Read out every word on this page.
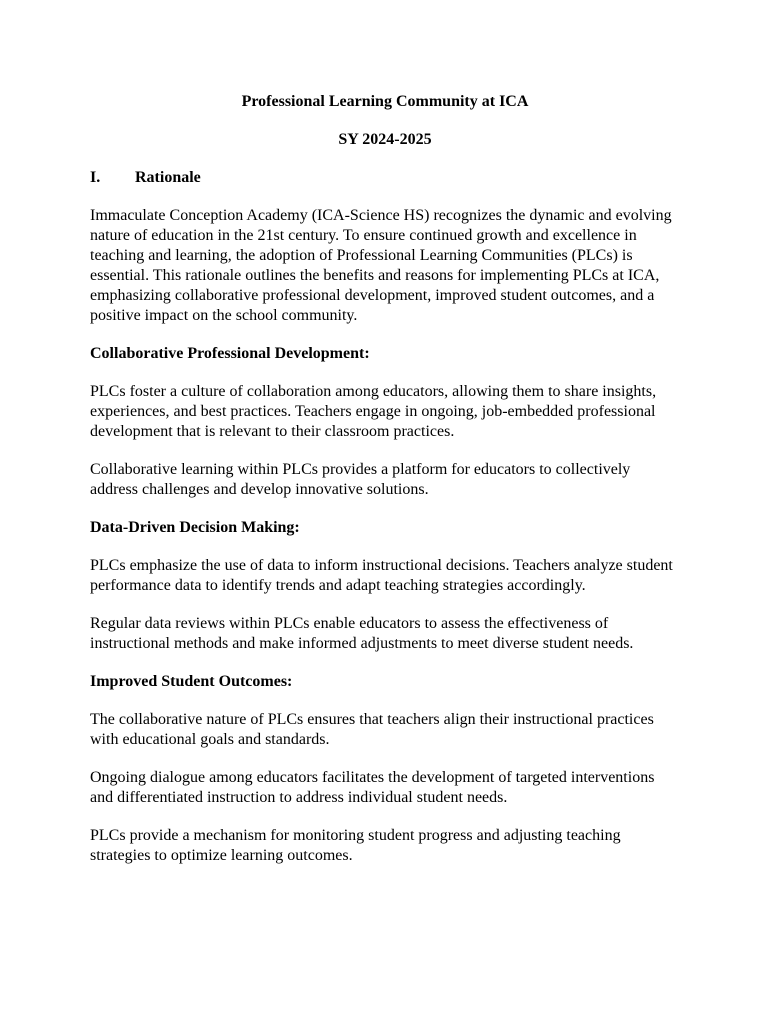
Professional Learning Community at ICA
SY 2024-2025
I.	Rationale

Immaculate Conception Academy (ICA-Science HS) recognizes the dynamic and evolving nature of education in the 21st century. To ensure continued growth and excellence in teaching and learning, the adoption of Professional Learning Communities (PLCs) is essential. This rationale outlines the benefits and reasons for implementing PLCs at ICA, emphasizing collaborative professional development, improved student outcomes, and a positive impact on the school community.

Collaborative Professional Development:

PLCs foster a culture of collaboration among educators, allowing them to share insights, experiences, and best practices. Teachers engage in ongoing, job-embedded professional development that is relevant to their classroom practices.

Collaborative learning within PLCs provides a platform for educators to collectively address challenges and develop innovative solutions.

Data-Driven Decision Making:

PLCs emphasize the use of data to inform instructional decisions. Teachers analyze student performance data to identify trends and adapt teaching strategies accordingly.

Regular data reviews within PLCs enable educators to assess the effectiveness of instructional methods and make informed adjustments to meet diverse student needs.

Improved Student Outcomes:

The collaborative nature of PLCs ensures that teachers align their instructional practices with educational goals and standards.

Ongoing dialogue among educators facilitates the development of targeted interventions and differentiated instruction to address individual student needs.

PLCs provide a mechanism for monitoring student progress and adjusting teaching strategies to optimize learning outcomes.
